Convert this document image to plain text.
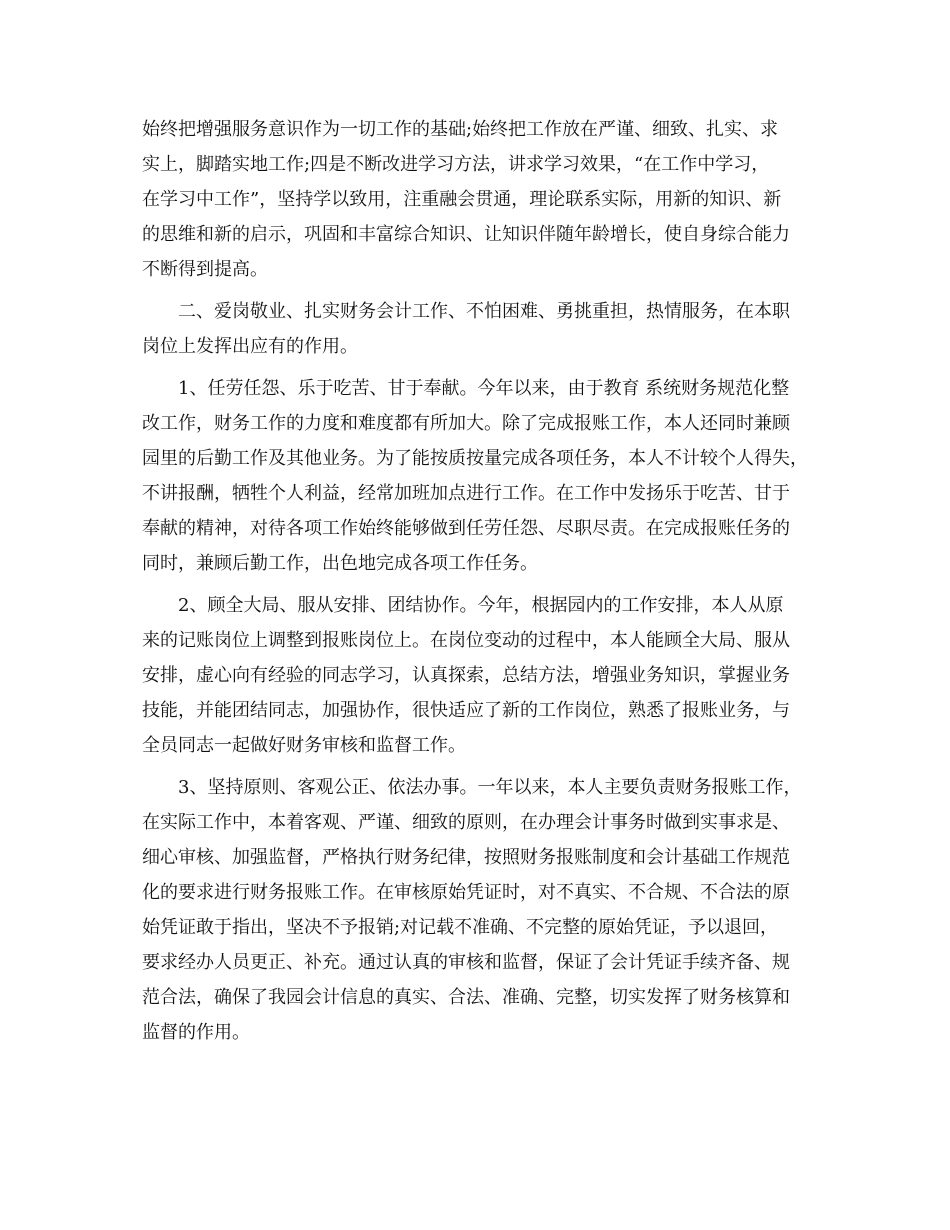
始终把增强服务意识作为一切工作的基础;始终把工作放在严谨、细致、扎实、求
实上，脚踏实地工作;四是不断改进学习方法，讲求学习效果，“在工作中学习，
在学习中工作”，坚持学以致用，注重融会贯通，理论联系实际，用新的知识、新
的思维和新的启示，巩固和丰富综合知识、让知识伴随年龄增长，使自身综合能力
不断得到提高。
二、爱岗敬业、扎实财务会计工作、不怕困难、勇挑重担，热情服务，在本职
岗位上发挥出应有的作用。
1、任劳任怨、乐于吃苦、甘于奉献。今年以来，由于教育 系统财务规范化整
改工作，财务工作的力度和难度都有所加大。除了完成报账工作，本人还同时兼顾
园里的后勤工作及其他业务。为了能按质按量完成各项任务，本人不计较个人得失，
不讲报酬，牺牲个人利益，经常加班加点进行工作。在工作中发扬乐于吃苦、甘于
奉献的精神，对待各项工作始终能够做到任劳任怨、尽职尽责。在完成报账任务的
同时，兼顾后勤工作，出色地完成各项工作任务。
2、顾全大局、服从安排、团结协作。今年，根据园内的工作安排，本人从原
来的记账岗位上调整到报账岗位上。在岗位变动的过程中，本人能顾全大局、服从
安排，虚心向有经验的同志学习，认真探索，总结方法，增强业务知识，掌握业务
技能，并能团结同志，加强协作，很快适应了新的工作岗位，熟悉了报账业务，与
全员同志一起做好财务审核和监督工作。
3、坚持原则、客观公正、依法办事。一年以来，本人主要负责财务报账工作，
在实际工作中，本着客观、严谨、细致的原则，在办理会计事务时做到实事求是、
细心审核、加强监督，严格执行财务纪律，按照财务报账制度和会计基础工作规范
化的要求进行财务报账工作。在审核原始凭证时，对不真实、不合规、不合法的原
始凭证敢于指出，坚决不予报销;对记载不准确、不完整的原始凭证，予以退回，
要求经办人员更正、补充。通过认真的审核和监督，保证了会计凭证手续齐备、规
范合法，确保了我园会计信息的真实、合法、准确、完整，切实发挥了财务核算和
监督的作用。
